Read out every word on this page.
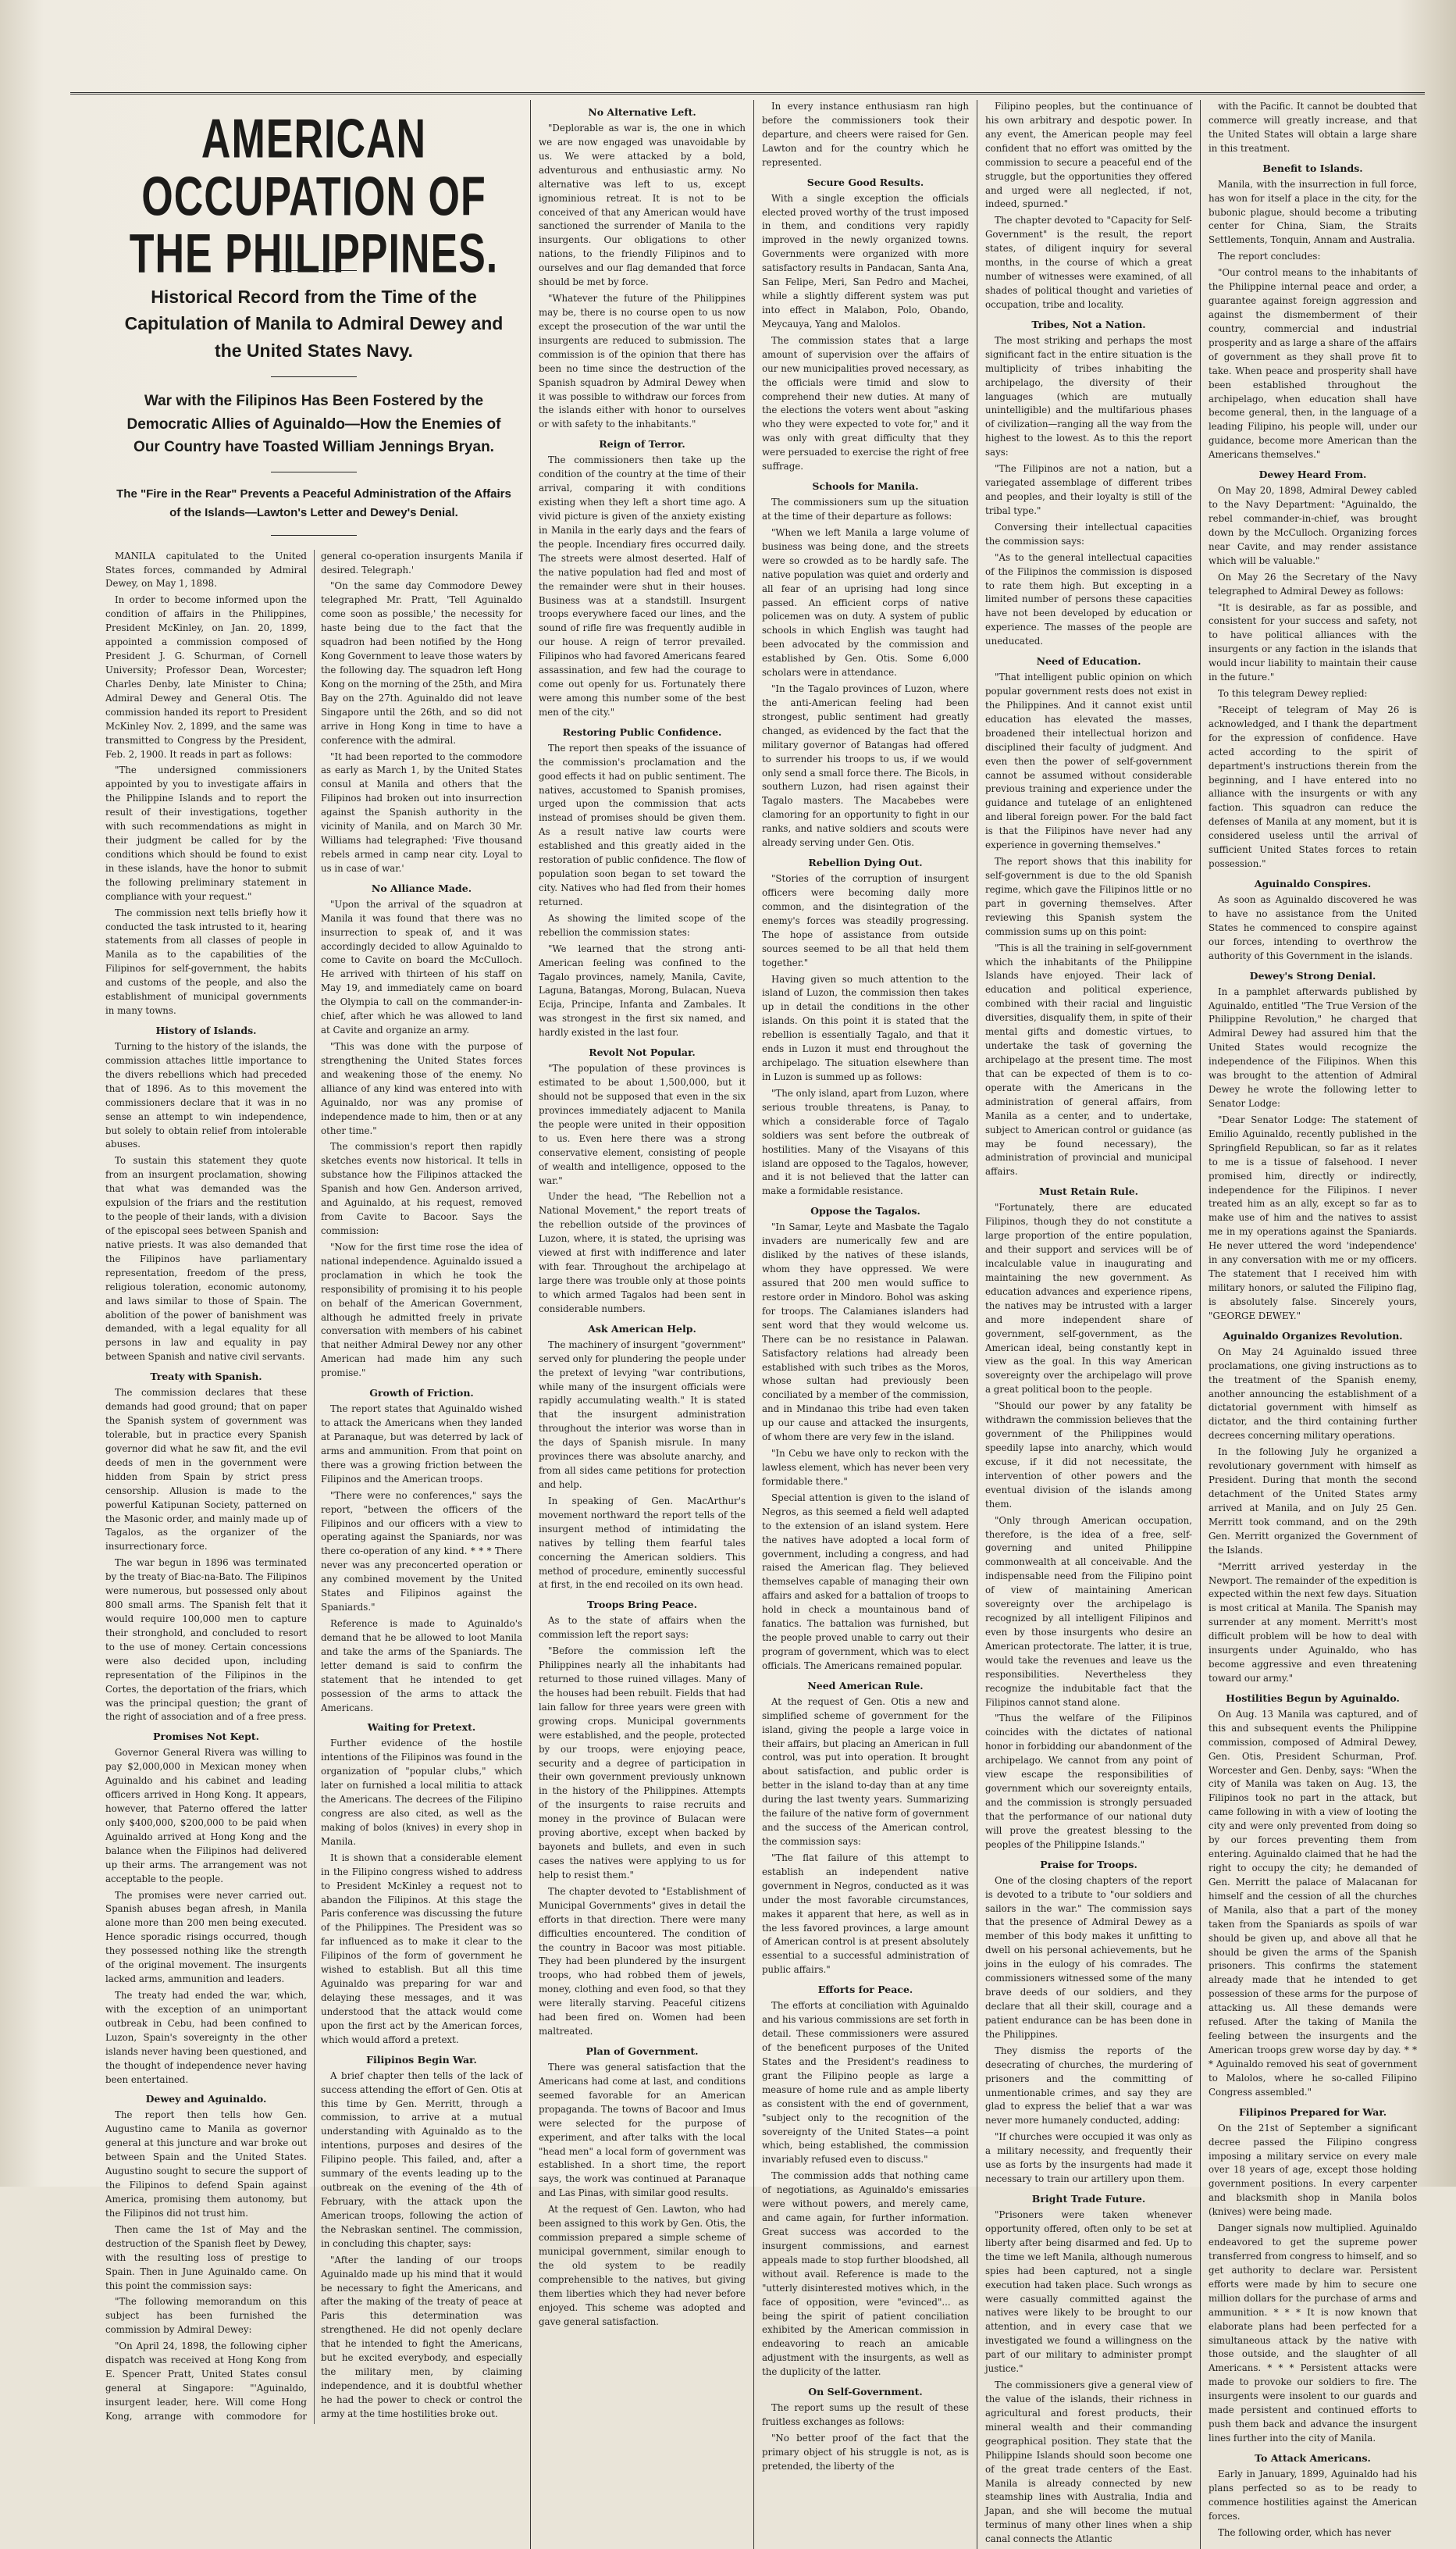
AMERICAN OCCUPATION OF THE PHILIPPINES.
Historical Record from the Time of the Capitulation of Manila to Admiral Dewey and the United States Navy.
War with the Filipinos Has Been Fostered by the Democratic Allies of Aguinaldo—How the Enemies of Our Country have Toasted William Jennings Bryan.
The "Fire in the Rear" Prevents a Peaceful Administration of the Affairs of the Islands—Lawton's Letter and Dewey's Denial.

MANILA capitulated to the United States forces, commanded by Admiral Dewey, on May 1, 1898.

In order to become informed upon the condition of affairs in the Philippines, President McKinley, on Jan. 20, 1899, appointed a commission composed of President J. G. Schurman, of Cornell University; Professor Dean, Worcester; Charles Denby, late Minister to China; Admiral Dewey and General Otis. The commission handed its report to President McKinley Nov. 2, 1899, and the same was transmitted to Congress by the President, Feb. 2, 1900. It reads in part as follows:

"The undersigned commissioners appointed by you to investigate affairs in the Philippine Islands and to report the result of their investigations, together with such recommendations as might in their judgment be called for by the conditions which should be found to exist in these islands, have the honor to submit the following preliminary statement in compliance with your request."

The commission next tells briefly how it conducted the task intrusted to it, hearing statements from all classes of people in Manila as to the capabilities of the Filipinos for self-government, the habits and customs of the people, and also the establishment of municipal governments in many towns.

History of Islands.

Turning to the history of the islands, the commission attaches little importance to the divers rebellions which had preceded that of 1896. As to this movement the commissioners declare that it was in no sense an attempt to win independence, but solely to obtain relief from intolerable abuses.

To sustain this statement they quote from an insurgent proclamation, showing that what was demanded was the expulsion of the friars and the restitution to the people of their lands, with a division of the episcopal sees between Spanish and native priests. It was also demanded that the Filipinos have parliamentary representation, freedom of the press, religious toleration, economic autonomy, and laws similar to those of Spain. The abolition of the power of banishment was demanded, with a legal equality for all persons in law and equality in pay between Spanish and native civil servants.

Treaty with Spanish.

The commission declares that these demands had good ground; that on paper the Spanish system of government was tolerable, but in practice every Spanish governor did what he saw fit, and the evil deeds of men in the government were hidden from Spain by strict press censorship. Allusion is made to the powerful Katipunan Society, patterned on the Masonic order, and mainly made up of Tagalos, as the organizer of the insurrectionary force.

The war begun in 1896 was terminated by the treaty of Biac-na-Bato. The Filipinos were numerous, but possessed only about 800 small arms. The Spanish felt that it would require 100,000 men to capture their stronghold, and concluded to resort to the use of money. Certain concessions were also decided upon, including representation of the Filipinos in the Cortes, the deportation of the friars, which was the principal question; the grant of the right of association and of a free press.

Promises Not Kept.

Governor General Rivera was willing to pay $2,000,000 in Mexican money when Aguinaldo and his cabinet and leading officers arrived in Hong Kong. It appears, however, that Paterno offered the latter only $400,000, $200,000 to be paid when Aguinaldo arrived at Hong Kong and the balance when the Filipinos had delivered up their arms. The arrangement was not acceptable to the people.

The promises were never carried out. Spanish abuses began afresh, in Manila alone more than 200 men being executed. Hence sporadic risings occurred, though they possessed nothing like the strength of the original movement. The insurgents lacked arms, ammunition and leaders.

The treaty had ended the war, which, with the exception of an unimportant outbreak in Cebu, had been confined to Luzon, Spain's sovereignty in the other islands never having been questioned, and the thought of independence never having been entertained.

Dewey and Aguinaldo.

The report then tells how Gen. Augustino came to Manila as governor general at this juncture and war broke out between Spain and the United States. Augustino sought to secure the support of the Filipinos to defend Spain against America, promising them autonomy, but the Filipinos did not trust him.

Then came the 1st of May and the destruction of the Spanish fleet by Dewey, with the resulting loss of prestige to Spain. Then in June Aguinaldo came. On this point the commission says:

"The following memorandum on this subject has been furnished the commission by Admiral Dewey:

"On April 24, 1898, the following cipher dispatch was received at Hong Kong from E. Spencer Pratt, United States consul general at Singapore: "'Aguinaldo, insurgent leader, here. Will come Hong Kong, arrange with commodore for general co-operation insurgents Manila if desired. Telegraph.'

"On the same day Commodore Dewey telegraphed Mr. Pratt, 'Tell Aguinaldo come soon as possible,' the necessity for haste being due to the fact that the squadron had been notified by the Hong Kong Government to leave those waters by the following day. The squadron left Hong Kong on the morning of the 25th, and Mira Bay on the 27th. Aguinaldo did not leave Singapore until the 26th, and so did not arrive in Hong Kong in time to have a conference with the admiral.

"It had been reported to the commodore as early as March 1, by the United States consul at Manila and others that the Filipinos had broken out into insurrection against the Spanish authority in the vicinity of Manila, and on March 30 Mr. Williams had telegraphed: 'Five thousand rebels armed in camp near city. Loyal to us in case of war.'

No Alliance Made.

"Upon the arrival of the squadron at Manila it was found that there was no insurrection to speak of, and it was accordingly decided to allow Aguinaldo to come to Cavite on board the McCulloch. He arrived with thirteen of his staff on May 19, and immediately came on board the Olympia to call on the commander-in-chief, after which he was allowed to land at Cavite and organize an army.

"This was done with the purpose of strengthening the United States forces and weakening those of the enemy. No alliance of any kind was entered into with Aguinaldo, nor was any promise of independence made to him, then or at any other time."

The commission's report then rapidly sketches events now historical. It tells in substance how the Filipinos attacked the Spanish and how Gen. Anderson arrived, and Aguinaldo, at his request, removed from Cavite to Bacoor. Says the commission:

"Now for the first time rose the idea of national independence. Aguinaldo issued a proclamation in which he took the responsibility of promising it to his people on behalf of the American Government, although he admitted freely in private conversation with members of his cabinet that neither Admiral Dewey nor any other American had made him any such promise."

Growth of Friction.

The report states that Aguinaldo wished to attack the Americans when they landed at Paranaque, but was deterred by lack of arms and ammunition. From that point on there was a growing friction between the Filipinos and the American troops.

"There were no conferences," says the report, "between the officers of the Filipinos and our officers with a view to operating against the Spaniards, nor was there co-operation of any kind. * * * There never was any preconcerted operation or any combined movement by the United States and Filipinos against the Spaniards."

Reference is made to Aguinaldo's demand that he be allowed to loot Manila and take the arms of the Spaniards. The letter demand is said to confirm the statement that he intended to get possession of the arms to attack the Americans.

Waiting for Pretext.

Further evidence of the hostile intentions of the Filipinos was found in the organization of "popular clubs," which later on furnished a local militia to attack the Americans. The decrees of the Filipino congress are also cited, as well as the making of bolos (knives) in every shop in Manila.

It is shown that a considerable element in the Filipino congress wished to address to President McKinley a request not to abandon the Filipinos. At this stage the Paris conference was discussing the future of the Philippines. The President was so far influenced as to make it clear to the Filipinos of the form of government he wished to establish. But all this time Aguinaldo was preparing for war and delaying these messages, and it was understood that the attack would come upon the first act by the American forces, which would afford a pretext.

Filipinos Begin War.

A brief chapter then tells of the lack of success attending the effort of Gen. Otis at this time by Gen. Merritt, through a commission, to arrive at a mutual understanding with Aguinaldo as to the intentions, purposes and desires of the Filipino people. This failed, and, after a summary of the events leading up to the outbreak on the evening of the 4th of February, with the attack upon the American troops, following the action of the Nebraskan sentinel. The commission, in concluding this chapter, says:

"After the landing of our troops Aguinaldo made up his mind that it would be necessary to fight the Americans, and after the making of the treaty of peace at Paris this determination was strengthened. He did not openly declare that he intended to fight the Americans, but he excited everybody, and especially the military men, by claiming independence, and it is doubtful whether he had the power to check or control the army at the time hostilities broke out.

No Alternative Left.

"Deplorable as war is, the one in which we are now engaged was unavoidable by us. We were attacked by a bold, adventurous and enthusiastic army. No alternative was left to us, except ignominious retreat. It is not to be conceived of that any American would have sanctioned the surrender of Manila to the insurgents. Our obligations to other nations, to the friendly Filipinos and to ourselves and our flag demanded that force should be met by force.

"Whatever the future of the Philippines may be, there is no course open to us now except the prosecution of the war until the insurgents are reduced to submission. The commission is of the opinion that there has been no time since the destruction of the Spanish squadron by Admiral Dewey when it was possible to withdraw our forces from the islands either with honor to ourselves or with safety to the inhabitants."

Reign of Terror.

The commissioners then take up the condition of the country at the time of their arrival, comparing it with conditions existing when they left a short time ago. A vivid picture is given of the anxiety existing in Manila in the early days and the fears of the people. Incendiary fires occurred daily. The streets were almost deserted. Half of the native population had fled and most of the remainder were shut in their houses. Business was at a standstill. Insurgent troops everywhere faced our lines, and the sound of rifle fire was frequently audible in our house. A reign of terror prevailed. Filipinos who had favored Americans feared assassination, and few had the courage to come out openly for us. Fortunately there were among this number some of the best men of the city."

Restoring Public Confidence.

The report then speaks of the issuance of the commission's proclamation and the good effects it had on public sentiment. The natives, accustomed to Spanish promises, urged upon the commission that acts instead of promises should be given them. As a result native law courts were established and this greatly aided in the restoration of public confidence. The flow of population soon began to set toward the city. Natives who had fled from their homes returned.

As showing the limited scope of the rebellion the commission states:

"We learned that the strong anti-American feeling was confined to the Tagalo provinces, namely, Manila, Cavite, Laguna, Batangas, Morong, Bulacan, Nueva Ecija, Principe, Infanta and Zambales. It was strongest in the first six named, and hardly existed in the last four.

Revolt Not Popular.

"The population of these provinces is estimated to be about 1,500,000, but it should not be supposed that even in the six provinces immediately adjacent to Manila the people were united in their opposition to us. Even here there was a strong conservative element, consisting of people of wealth and intelligence, opposed to the war."

Under the head, "The Rebellion not a National Movement," the report treats of the rebellion outside of the provinces of Luzon, where, it is stated, the uprising was viewed at first with indifference and later with fear. Throughout the archipelago at large there was trouble only at those points to which armed Tagalos had been sent in considerable numbers.

Ask American Help.

The machinery of insurgent "government" served only for plundering the people under the pretext of levying "war contributions, while many of the insurgent officials were rapidly accumulating wealth." It is stated that the insurgent administration throughout the interior was worse than in the days of Spanish misrule. In many provinces there was absolute anarchy, and from all sides came petitions for protection and help.

In speaking of Gen. MacArthur's movement northward the report tells of the insurgent method of intimidating the natives by telling them fearful tales concerning the American soldiers. This method of procedure, eminently successful at first, in the end recoiled on its own head.

Troops Bring Peace.

As to the state of affairs when the commission left the report says:

"Before the commission left the Philippines nearly all the inhabitants had returned to those ruined villages. Many of the houses had been rebuilt. Fields that had lain fallow for three years were green with growing crops. Municipal governments were established, and the people, protected by our troops, were enjoying peace, security and a degree of participation in their own government previously unknown in the history of the Philippines. Attempts of the insurgents to raise recruits and money in the province of Bulacan were proving abortive, except when backed by bayonets and bullets, and even in such cases the natives were applying to us for help to resist them."

The chapter devoted to "Establishment of Municipal Governments" gives in detail the efforts in that direction. There were many difficulties encountered. The condition of the country in Bacoor was most pitiable. They had been plundered by the insurgent troops, who had robbed them of jewels, money, clothing and even food, so that they were literally starving. Peaceful citizens had been fired on. Women had been maltreated.

Plan of Government.

There was general satisfaction that the Americans had come at last, and conditions seemed favorable for an American propaganda. The towns of Bacoor and Imus were selected for the purpose of experiment, and after talks with the local "head men" a local form of government was established. In a short time, the report says, the work was continued at Paranaque and Las Pinas, with similar good results.

At the request of Gen. Lawton, who had been assigned to this work by Gen. Otis, the commission prepared a simple scheme of municipal government, similar enough to the old system to be readily comprehensible to the natives, but giving them liberties which they had never before enjoyed. This scheme was adopted and gave general satisfaction.

In every instance enthusiasm ran high before the commissioners took their departure, and cheers were raised for Gen. Lawton and for the country which he represented.

Secure Good Results.

With a single exception the officials elected proved worthy of the trust imposed in them, and conditions very rapidly improved in the newly organized towns. Governments were organized with more satisfactory results in Pandacan, Santa Ana, San Felipe, Meri, San Pedro and Machei, while a slightly different system was put into effect in Malabon, Polo, Obando, Meycauya, Yang and Malolos.

The commission states that a large amount of supervision over the affairs of our new municipalities proved necessary, as the officials were timid and slow to comprehend their new duties. At many of the elections the voters went about "asking who they were expected to vote for," and it was only with great difficulty that they were persuaded to exercise the right of free suffrage.

Schools for Manila.

The commissioners sum up the situation at the time of their departure as follows:

"When we left Manila a large volume of business was being done, and the streets were so crowded as to be hardly safe. The native population was quiet and orderly and all fear of an uprising had long since passed. An efficient corps of native policemen was on duty. A system of public schools in which English was taught had been advocated by the commission and established by Gen. Otis. Some 6,000 scholars were in attendance.

"In the Tagalo provinces of Luzon, where the anti-American feeling had been strongest, public sentiment had greatly changed, as evidenced by the fact that the military governor of Batangas had offered to surrender his troops to us, if we would only send a small force there. The Bicols, in southern Luzon, had risen against their Tagalo masters. The Macabebes were clamoring for an opportunity to fight in our ranks, and native soldiers and scouts were already serving under Gen. Otis.

Rebellion Dying Out.

"Stories of the corruption of insurgent officers were becoming daily more common, and the disintegration of the enemy's forces was steadily progressing. The hope of assistance from outside sources seemed to be all that held them together."

Having given so much attention to the island of Luzon, the commission then takes up in detail the conditions in the other islands. On this point it is stated that the rebellion is essentially Tagalo, and that it ends in Luzon it must end throughout the archipelago. The situation elsewhere than in Luzon is summed up as follows:

"The only island, apart from Luzon, where serious trouble threatens, is Panay, to which a considerable force of Tagalo soldiers was sent before the outbreak of hostilities. Many of the Visayans of this island are opposed to the Tagalos, however, and it is not believed that the latter can make a formidable resistance.

Oppose the Tagalos.

"In Samar, Leyte and Masbate the Tagalo invaders are numerically few and are disliked by the natives of these islands, whom they have oppressed. We were assured that 200 men would suffice to restore order in Mindoro. Bohol was asking for troops. The Calamianes islanders had sent word that they would welcome us. There can be no resistance in Palawan. Satisfactory relations had already been established with such tribes as the Moros, whose sultan had previously been conciliated by a member of the commission, and in Mindanao this tribe had even taken up our cause and attacked the insurgents, of whom there are very few in the island.

"In Cebu we have only to reckon with the lawless element, which has never been very formidable there."

Special attention is given to the island of Negros, as this seemed a field well adapted to the extension of an island system. Here the natives have adopted a local form of government, including a congress, and had raised the American flag. They believed themselves capable of managing their own affairs and asked for a battalion of troops to hold in check a mountainous band of fanatics. The battalion was furnished, but the people proved unable to carry out their program of government, which was to elect officials. The Americans remained popular.

Need American Rule.

At the request of Gen. Otis a new and simplified scheme of government for the island, giving the people a large voice in their affairs, but placing an American in full control, was put into operation. It brought about satisfaction, and public order is better in the island to-day than at any time during the last twenty years. Summarizing the failure of the native form of government and the success of the American control, the commission says:

"The flat failure of this attempt to establish an independent native government in Negros, conducted as it was under the most favorable circumstances, makes it apparent that here, as well as in the less favored provinces, a large amount of American control is at present absolutely essential to a successful administration of public affairs."

Efforts for Peace.

The efforts at conciliation with Aguinaldo and his various commissions are set forth in detail. These commissioners were assured of the beneficent purposes of the United States and the President's readiness to grant the Filipino people as large a measure of home rule and as ample liberty as consistent with the end of government, "subject only to the recognition of the sovereignty of the United States—a point which, being established, the commission invariably refused even to discuss."

The commission adds that nothing came of negotiations, as Aguinaldo's emissaries were without powers, and merely came, and came again, for further information. Great success was accorded to the insurgent commissions, and earnest appeals made to stop further bloodshed, all without avail. Reference is made to the "utterly disinterested motives which, in the face of opposition, were "evinced"... as being the spirit of patient conciliation exhibited by the American commission in endeavoring to reach an amicable adjustment with the insurgents, as well as the duplicity of the latter.

On Self-Government.

The report sums up the result of these fruitless exchanges as follows:

"No better proof of the fact that the primary object of his struggle is not, as is pretended, the liberty of the

Filipino peoples, but the continuance of his own arbitrary and despotic power. In any event, the American people may feel confident that no effort was omitted by the commission to secure a peaceful end of the struggle, but the opportunities they offered and urged were all neglected, if not, indeed, spurned."

The chapter devoted to "Capacity for Self-Government" is the result, the report states, of diligent inquiry for several months, in the course of which a great number of witnesses were examined, of all shades of political thought and varieties of occupation, tribe and locality.

Tribes, Not a Nation.

The most striking and perhaps the most significant fact in the entire situation is the multiplicity of tribes inhabiting the archipelago, the diversity of their languages (which are mutually unintelligible) and the multifarious phases of civilization—ranging all the way from the highest to the lowest. As to this the report says:

"The Filipinos are not a nation, but a variegated assemblage of different tribes and peoples, and their loyalty is still of the tribal type."

Conversing their intellectual capacities the commission says:

"As to the general intellectual capacities of the Filipinos the commission is disposed to rate them high. But excepting in a limited number of persons these capacities have not been developed by education or experience. The masses of the people are uneducated.

Need of Education.

"That intelligent public opinion on which popular government rests does not exist in the Philippines. And it cannot exist until education has elevated the masses, broadened their intellectual horizon and disciplined their faculty of judgment. And even then the power of self-government cannot be assumed without considerable previous training and experience under the guidance and tutelage of an enlightened and liberal foreign power. For the bald fact is that the Filipinos have never had any experience in governing themselves."

The report shows that this inability for self-government is due to the old Spanish regime, which gave the Filipinos little or no part in governing themselves. After reviewing this Spanish system the commission sums up on this point:

"This is all the training in self-government which the inhabitants of the Philippine Islands have enjoyed. Their lack of education and political experience, combined with their racial and linguistic diversities, disqualify them, in spite of their mental gifts and domestic virtues, to undertake the task of governing the archipelago at the present time. The most that can be expected of them is to co-operate with the Americans in the administration of general affairs, from Manila as a center, and to undertake, subject to American control or guidance (as may be found necessary), the administration of provincial and municipal affairs.

Must Retain Rule.

"Fortunately, there are educated Filipinos, though they do not constitute a large proportion of the entire population, and their support and services will be of incalculable value in inaugurating and maintaining the new government. As education advances and experience ripens, the natives may be intrusted with a larger and more independent share of government, self-government, as the American ideal, being constantly kept in view as the goal. In this way American sovereignty over the archipelago will prove a great political boon to the people.

"Should our power by any fatality be withdrawn the commission believes that the government of the Philippines would speedily lapse into anarchy, which would excuse, if it did not necessitate, the intervention of other powers and the eventual division of the islands among them.

"Only through American occupation, therefore, is the idea of a free, self-governing and united Philippine commonwealth at all conceivable. And the indispensable need from the Filipino point of view of maintaining American sovereignty over the archipelago is recognized by all intelligent Filipinos and even by those insurgents who desire an American protectorate. The latter, it is true, would take the revenues and leave us the responsibilities. Nevertheless they recognize the indubitable fact that the Filipinos cannot stand alone.

"Thus the welfare of the Filipinos coincides with the dictates of national honor in forbidding our abandonment of the archipelago. We cannot from any point of view escape the responsibilities of government which our sovereignty entails, and the commission is strongly persuaded that the performance of our national duty will prove the greatest blessing to the peoples of the Philippine Islands."

Praise for Troops.

One of the closing chapters of the report is devoted to a tribute to "our soldiers and sailors in the war." The commission says that the presence of Admiral Dewey as a member of this body makes it unfitting to dwell on his personal achievements, but he joins in the eulogy of his comrades. The commissioners witnessed some of the many brave deeds of our soldiers, and they declare that all their skill, courage and a patient endurance can be has been done in the Philippines.

They dismiss the reports of the desecrating of churches, the murdering of prisoners and the committing of unmentionable crimes, and say they are glad to express the belief that a war was never more humanely conducted, adding:

"If churches were occupied it was only as a military necessity, and frequently their use as forts by the insurgents had made it necessary to train our artillery upon them.

Bright Trade Future.

"Prisoners were taken whenever opportunity offered, often only to be set at liberty after being disarmed and fed. Up to the time we left Manila, although numerous spies had been captured, not a single execution had taken place. Such wrongs as were casually committed against the natives were likely to be brought to our attention, and in every case that we investigated we found a willingness on the part of our military to administer prompt justice."

The commissioners give a general view of the value of the islands, their richness in agricultural and forest products, their mineral wealth and their commanding geographical position. They state that the Philippine Islands should soon become one of the great trade centers of the East. Manila is already connected by new steamship lines with Australia, India and Japan, and she will become the mutual terminus of many other lines when a ship canal connects the Atlantic

with the Pacific. It cannot be doubted that commerce will greatly increase, and that the United States will obtain a large share in this treatment.

Benefit to Islands.

Manila, with the insurrection in full force, has won for itself a place in the city, for the bubonic plague, should become a tributing center for China, Siam, the Straits Settlements, Tonquin, Annam and Australia.

The report concludes:

"Our control means to the inhabitants of the Philippine internal peace and order, a guarantee against foreign aggression and against the dismemberment of their country, commercial and industrial prosperity and as large a share of the affairs of government as they shall prove fit to take. When peace and prosperity shall have been established throughout the archipelago, when education shall have become general, then, in the language of a leading Filipino, his people will, under our guidance, become more American than the Americans themselves."

Dewey Heard From.

On May 20, 1898, Admiral Dewey cabled to the Navy Department: "Aguinaldo, the rebel commander-in-chief, was brought down by the McCulloch. Organizing forces near Cavite, and may render assistance which will be valuable."

On May 26 the Secretary of the Navy telegraphed to Admiral Dewey as follows:

"It is desirable, as far as possible, and consistent for your success and safety, not to have political alliances with the insurgents or any faction in the islands that would incur liability to maintain their cause in the future."

To this telegram Dewey replied:

"Receipt of telegram of May 26 is acknowledged, and I thank the department for the expression of confidence. Have acted according to the spirit of department's instructions therein from the beginning, and I have entered into no alliance with the insurgents or with any faction. This squadron can reduce the defenses of Manila at any moment, but it is considered useless until the arrival of sufficient United States forces to retain possession."

Aguinaldo Conspires.

As soon as Aguinaldo discovered he was to have no assistance from the United States he commenced to conspire against our forces, intending to overthrow the authority of this Government in the islands.

Dewey's Strong Denial.

In a pamphlet afterwards published by Aguinaldo, entitled "The True Version of the Philippine Revolution," he charged that Admiral Dewey had assured him that the United States would recognize the independence of the Filipinos. When this was brought to the attention of Admiral Dewey he wrote the following letter to Senator Lodge:

"Dear Senator Lodge: The statement of Emilio Aguinaldo, recently published in the Springfield Republican, so far as it relates to me is a tissue of falsehood. I never promised him, directly or indirectly, independence for the Filipinos. I never treated him as an ally, except so far as to make use of him and the natives to assist me in my operations against the Spaniards. He never uttered the word 'independence' in any conversation with me or my officers. The statement that I received him with military honors, or saluted the Filipino flag, is absolutely false. Sincerely yours, "GEORGE DEWEY."

Aguinaldo Organizes Revolution.

On May 24 Aguinaldo issued three proclamations, one giving instructions as to the treatment of the Spanish enemy, another announcing the establishment of a dictatorial government with himself as dictator, and the third containing further decrees concerning military operations.

In the following July he organized a revolutionary government with himself as President. During that month the second detachment of the United States army arrived at Manila, and on July 25 Gen. Merritt took command, and on the 29th Gen. Merritt organized the Government of the Islands.

"Merritt arrived yesterday in the Newport. The remainder of the expedition is expected within the next few days. Situation is most critical at Manila. The Spanish may surrender at any moment. Merritt's most difficult problem will be how to deal with insurgents under Aguinaldo, who has become aggressive and even threatening toward our army."

Hostilities Begun by Aguinaldo.

On Aug. 13 Manila was captured, and of this and subsequent events the Philippine commission, composed of Admiral Dewey, Gen. Otis, President Schurman, Prof. Worcester and Gen. Denby, says: "When the city of Manila was taken on Aug. 13, the Filipinos took no part in the attack, but came following in with a view of looting the city and were only prevented from doing so by our forces preventing them from entering. Aguinaldo claimed that he had the right to occupy the city; he demanded of Gen. Merritt the palace of Malacanan for himself and the cession of all the churches of Manila, also that a part of the money taken from the Spaniards as spoils of war should be given up, and above all that he should be given the arms of the Spanish prisoners. This confirms the statement already made that he intended to get possession of these arms for the purpose of attacking us. All these demands were refused. After the taking of Manila the feeling between the insurgents and the American troops grew worse day by day. * * * Aguinaldo removed his seat of government to Malolos, where he so-called Filipino Congress assembled."

Filipinos Prepared for War.

On the 21st of September a significant decree passed the Filipino congress imposing a military service on every male over 18 years of age, except those holding government positions. In every carpenter and blacksmith shop in Manila bolos (knives) were being made.

Danger signals now multiplied. Aguinaldo endeavored to get the supreme power transferred from congress to himself, and so get authority to declare war. Persistent efforts were made by him to secure one million dollars for the purchase of arms and ammunition. * * * It is now known that elaborate plans had been perfected for a simultaneous attack by the native with those outside, and the slaughter of all Americans. * * * Persistent attacks were made to provoke our soldiers to fire. The insurgents were insolent to our guards and made persistent and continued efforts to push them back and advance the insurgent lines further into the city of Manila.

To Attack Americans.

Early in January, 1899, Aguinaldo had his plans perfected so as to be ready to commence hostilities against the American forces.

The following order, which has never
